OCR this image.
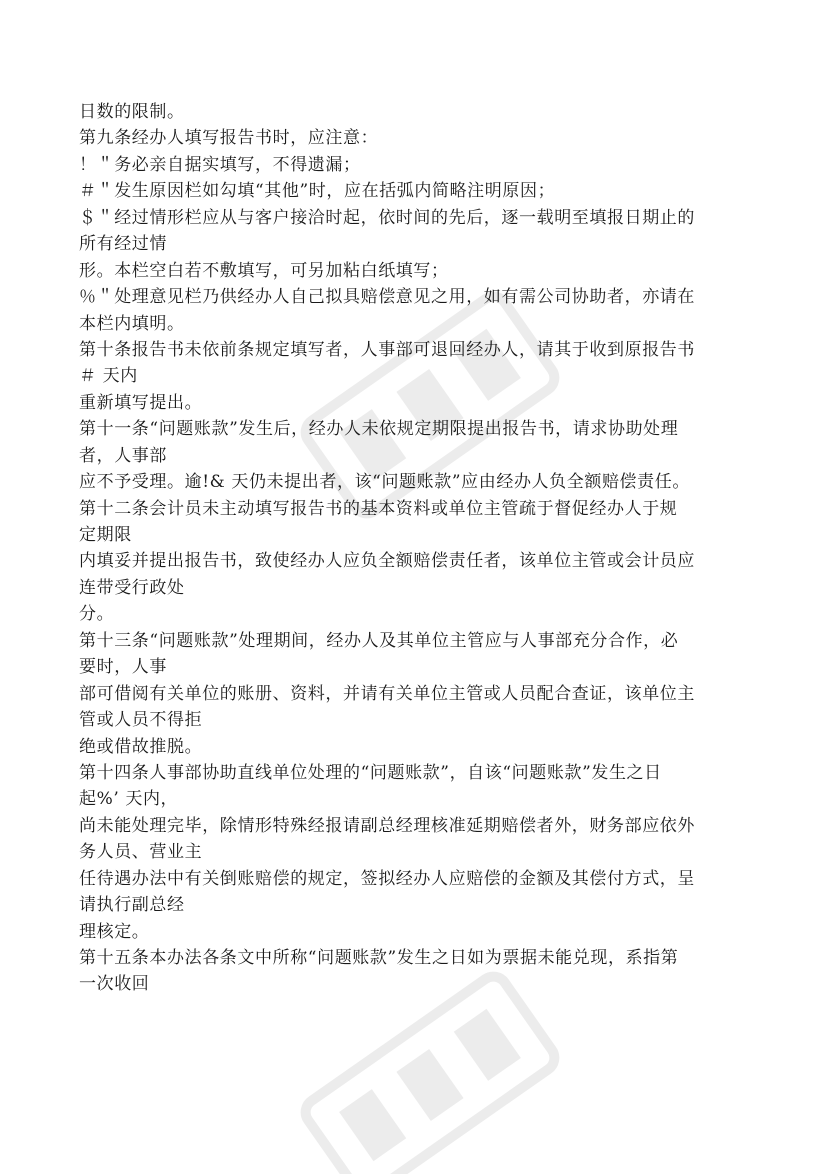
日数的限制。
第九条经办人填写报告书时，应注意：
！＂务必亲自据实填写，不得遗漏；
＃＂发生原因栏如勾填“其他”时，应在括弧内简略注明原因；
＄＂经过情形栏应从与客户接洽时起，依时间的先后，逐一载明至填报日期止的
所有经过情
形。本栏空白若不敷填写，可另加粘白纸填写；
％＂处理意见栏乃供经办人自己拟具赔偿意见之用，如有需公司协助者，亦请在
本栏内填明。
第十条报告书未依前条规定填写者，人事部可退回经办人，请其于收到原报告书
＃ 天内
重新填写提出。
第十一条“问题账款”发生后，经办人未依规定期限提出报告书，请求协助处理
者，人事部
应不予受理。逾!& 天仍未提出者，该“问题账款”应由经办人负全额赔偿责任。
第十二条会计员未主动填写报告书的基本资料或单位主管疏于督促经办人于规
定期限
内填妥并提出报告书，致使经办人应负全额赔偿责任者，该单位主管或会计员应
连带受行政处
分。
第十三条“问题账款”处理期间，经办人及其单位主管应与人事部充分合作，必
要时，人事
部可借阅有关单位的账册、资料，并请有关单位主管或人员配合查证，该单位主
管或人员不得拒
绝或借故推脱。
第十四条人事部协助直线单位处理的“问题账款”，自该“问题账款”发生之日
起%’ 天内，
尚未能处理完毕，除情形特殊经报请副总经理核准延期赔偿者外，财务部应依外
务人员、营业主
任待遇办法中有关倒账赔偿的规定，签拟经办人应赔偿的金额及其偿付方式，呈
请执行副总经
理核定。
第十五条本办法各条文中所称“问题账款”发生之日如为票据未能兑现，系指第
一次收回
